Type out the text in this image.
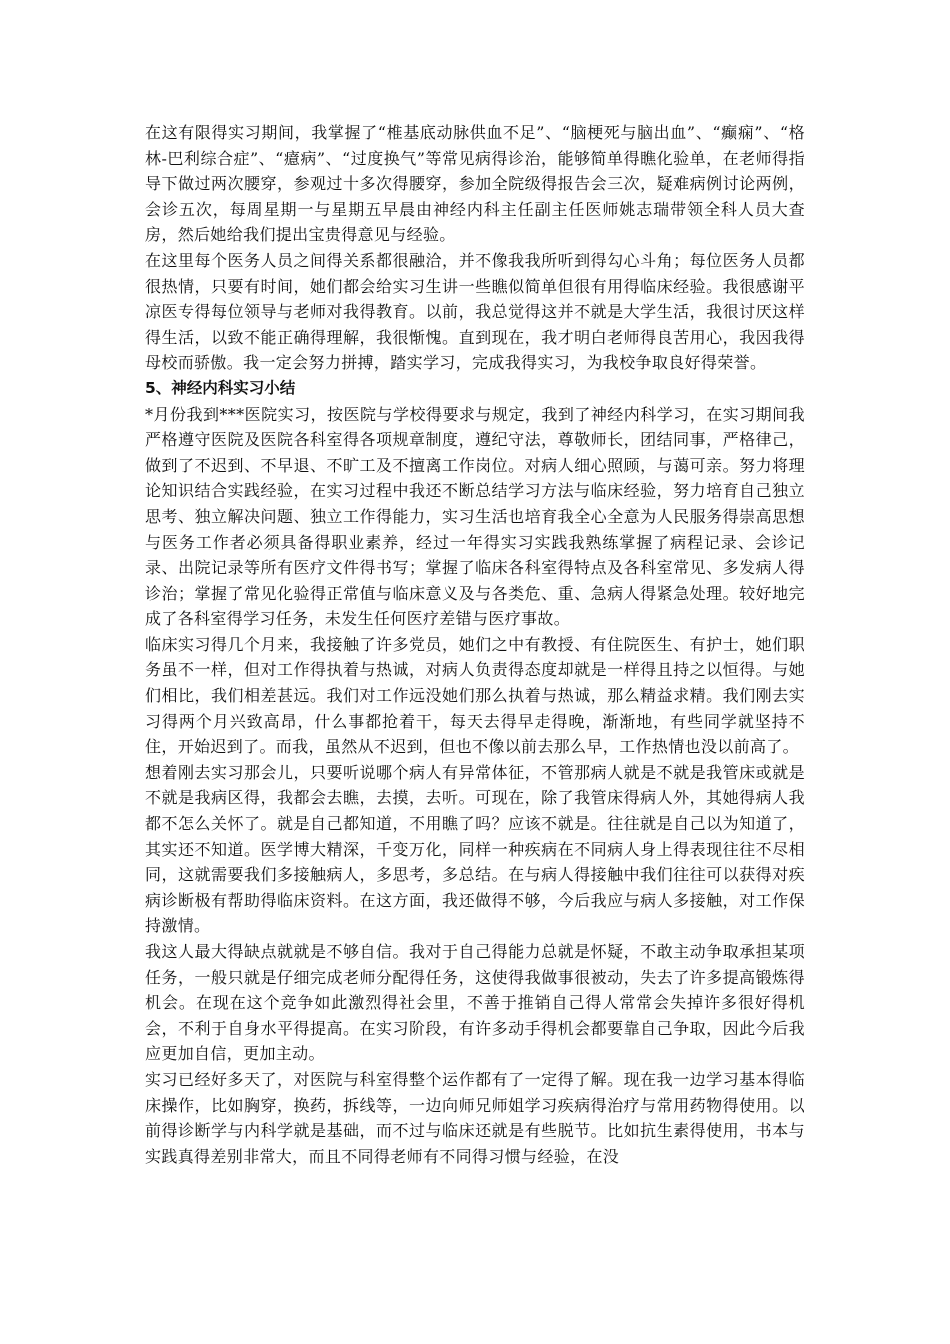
在这有限得实习期间，我掌握了“椎基底动脉供血不足”、“脑梗死与脑出血”、“癫痫”、“格林-巴利综合症”、“癔病”、“过度换气”等常见病得诊治，能够简单得瞧化验单，在老师得指导下做过两次腰穿，参观过十多次得腰穿，参加全院级得报告会三次，疑难病例讨论两例，会诊五次，每周星期一与星期五早晨由神经内科主任副主任医师姚志瑞带领全科人员大查房，然后她给我们提出宝贵得意见与经验。

在这里每个医务人员之间得关系都很融洽，并不像我我所听到得勾心斗角；每位医务人员都很热情，只要有时间，她们都会给实习生讲一些瞧似简单但很有用得临床经验。我很感谢平凉医专得每位领导与老师对我得教育。以前，我总觉得这并不就是大学生活，我很讨厌这样得生活，以致不能正确得理解，我很惭愧。直到现在，我才明白老师得良苦用心，我因我得母校而骄傲。我一定会努力拼搏，踏实学习，完成我得实习，为我校争取良好得荣誉。

5、神经内科实习小结

*月份我到***医院实习，按医院与学校得要求与规定，我到了神经内科学习，在实习期间我严格遵守医院及医院各科室得各项规章制度，遵纪守法，尊敬师长，团结同事，严格律己，做到了不迟到、不早退、不旷工及不擅离工作岗位。对病人细心照顾，与蔼可亲。努力将理论知识结合实践经验，在实习过程中我还不断总结学习方法与临床经验，努力培育自己独立思考、独立解决问题、独立工作得能力，实习生活也培育我全心全意为人民服务得崇高思想与医务工作者必须具备得职业素养，经过一年得实习实践我熟练掌握了病程记录、会诊记录、出院记录等所有医疗文件得书写；掌握了临床各科室得特点及各科室常见、多发病人得诊治；掌握了常见化验得正常值与临床意义及与各类危、重、急病人得紧急处理。较好地完成了各科室得学习任务，未发生任何医疗差错与医疗事故。

临床实习得几个月来，我接触了许多党员，她们之中有教授、有住院医生、有护士，她们职务虽不一样，但对工作得执着与热诚，对病人负责得态度却就是一样得且持之以恒得。与她们相比，我们相差甚远。我们对工作远没她们那么执着与热诚，那么精益求精。我们刚去实习得两个月兴致高昂，什么事都抢着干，每天去得早走得晚，渐渐地，有些同学就坚持不住，开始迟到了。而我，虽然从不迟到，但也不像以前去那么早，工作热情也没以前高了。

想着刚去实习那会儿，只要听说哪个病人有异常体征，不管那病人就是不就是我管床或就是不就是我病区得，我都会去瞧，去摸，去听。可现在，除了我管床得病人外，其她得病人我都不怎么关怀了。就是自己都知道，不用瞧了吗？应该不就是。往往就是自己以为知道了，其实还不知道。医学博大精深，千变万化，同样一种疾病在不同病人身上得表现往往不尽相同，这就需要我们多接触病人，多思考，多总结。在与病人得接触中我们往往可以获得对疾病诊断极有帮助得临床资料。在这方面，我还做得不够，今后我应与病人多接触，对工作保持激情。

我这人最大得缺点就就是不够自信。我对于自己得能力总就是怀疑，不敢主动争取承担某项任务，一般只就是仔细完成老师分配得任务，这使得我做事很被动，失去了许多提高锻炼得机会。在现在这个竞争如此激烈得社会里，不善于推销自己得人常常会失掉许多很好得机会，不利于自身水平得提高。在实习阶段，有许多动手得机会都要靠自己争取，因此今后我应更加自信，更加主动。

实习已经好多天了，对医院与科室得整个运作都有了一定得了解。现在我一边学习基本得临床操作，比如胸穿，换药，拆线等，一边向师兄师姐学习疾病得治疗与常用药物得使用。以前得诊断学与内科学就是基础，而不过与临床还就是有些脱节。比如抗生素得使用，书本与实践真得差别非常大，而且不同得老师有不同得习惯与经验，在没
